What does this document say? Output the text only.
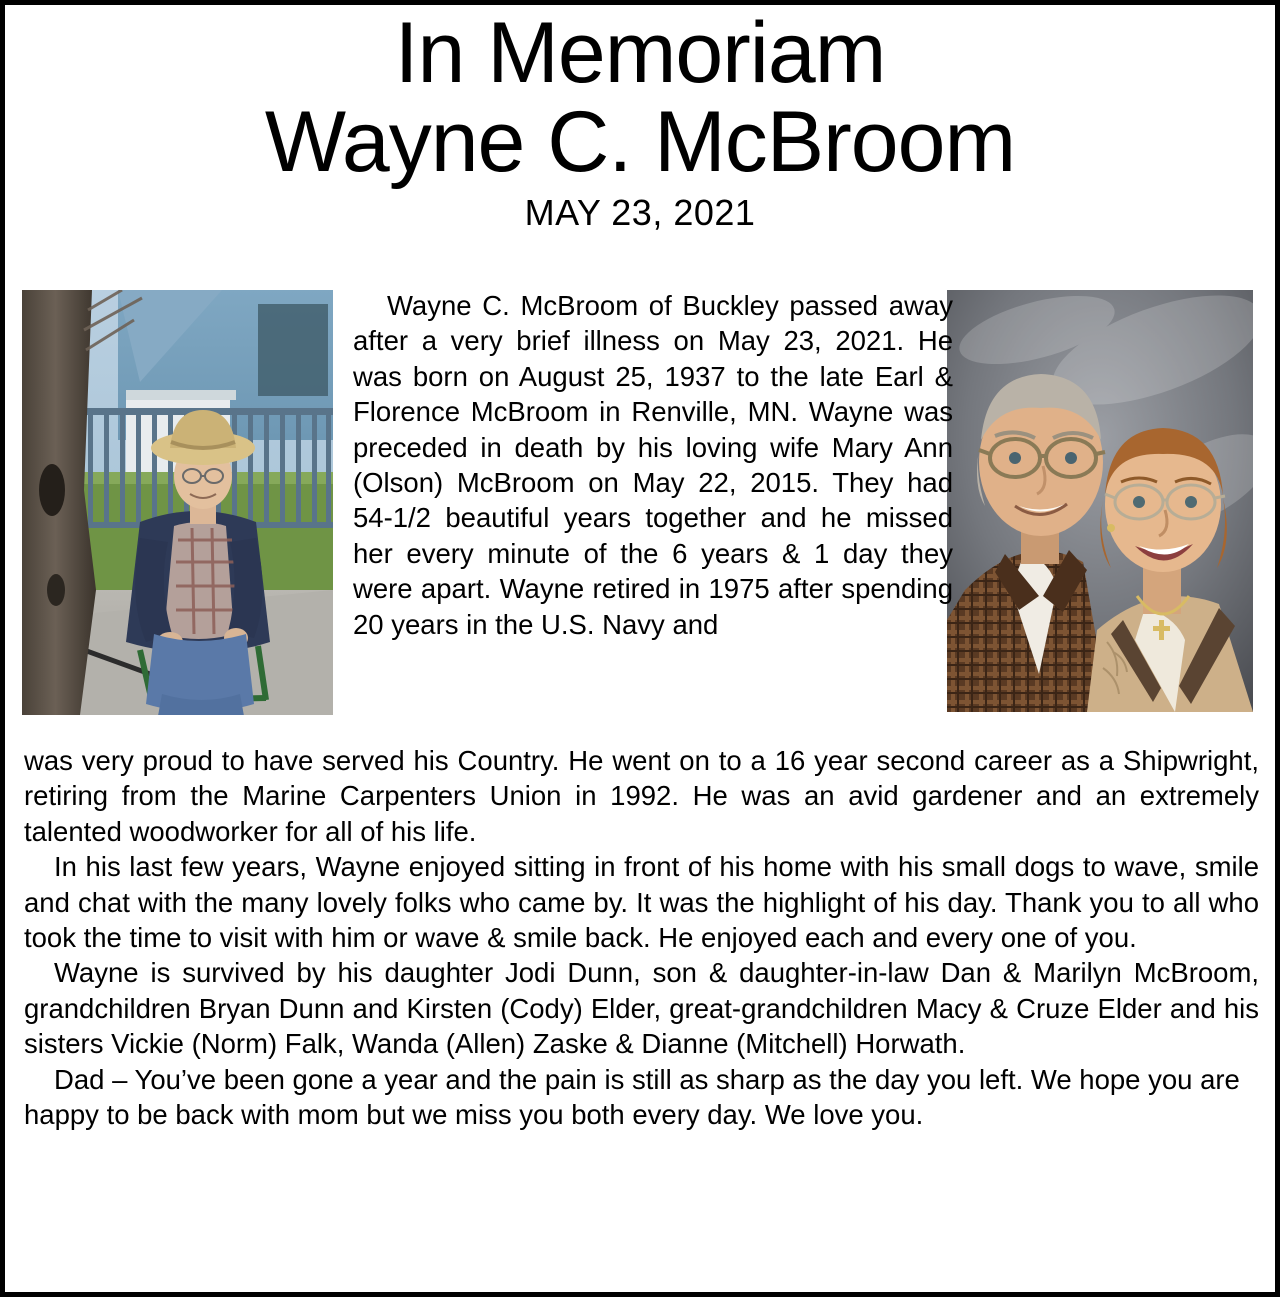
In Memoriam
Wayne C. McBroom
MAY 23, 2021
Wayne C. McBroom of Buckley passed away after a very brief illness on May 23, 2021. He was born on August 25, 1937 to the late Earl & Florence McBroom in Renville, MN. Wayne was preceded in death by his loving wife Mary Ann (Olson) McBroom on May 22, 2015. They had 54-1/2 beautiful years together and he missed her every minute of the 6 years & 1 day they were apart. Wayne retired in 1975 after spending 20 years in the U.S. Navy and

was very proud to have served his Country. He went on to a 16 year second career as a Shipwright, retiring from the Marine Carpenters Union in 1992. He was an avid gardener and an extremely talented woodworker for all of his life.

In his last few years, Wayne enjoyed sitting in front of his home with his small dogs to wave, smile and chat with the many lovely folks who came by. It was the highlight of his day. Thank you to all who took the time to visit with him or wave & smile back. He enjoyed each and every one of you.

Wayne is survived by his daughter Jodi Dunn, son & daughter-in-law Dan & Marilyn McBroom, grandchildren Bryan Dunn and Kirsten (Cody) Elder, great-grandchildren Macy & Cruze Elder and his sisters Vickie (Norm) Falk, Wanda (Allen) Zaske & Dianne (Mitchell) Horwath.

Dad – You’ve been gone a year and the pain is still as sharp as the day you left. We hope you are happy to be back with mom but we miss you both every day. We love you.
